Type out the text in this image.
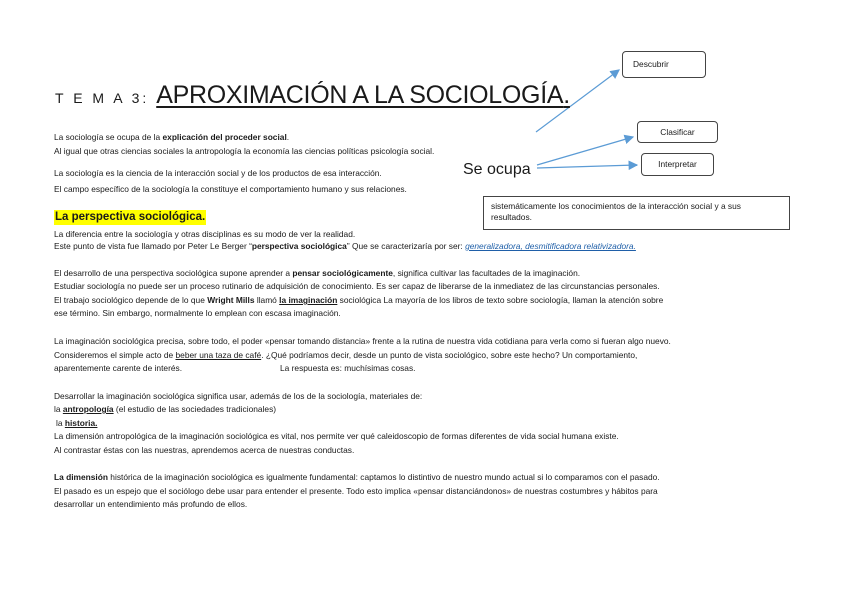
Descubrir
Clasificar
Interpretar
sistemáticamente los conocimientos de la interacción social y a sus resultados.
Se ocupa
T E M A 3: APROXIMACIÓN A LA SOCIOLOGÍA.
La sociología se ocupa de la explicación del proceder social.
Al igual que otras ciencias sociales la antropología la economía las ciencias políticas psicología social.
La sociología es la ciencia de la interacción social y de los productos de esa interacción.
El campo específico de la sociología la constituye el comportamiento humano y sus relaciones.
La perspectiva sociológica.
La diferencia entre la sociología y otras disciplinas es su modo de ver la realidad.
Este punto de vista fue llamado por Peter Le Berger “perspectiva sociológica” Que se caracterizaría por ser: generalizadora, desmitificadora relativizadora.
El desarrollo de una perspectiva sociológica supone aprender a pensar sociológicamente, significa cultivar las facultades de la imaginación.
Estudiar sociología no puede ser un proceso rutinario de adquisición de conocimiento. Es ser capaz de liberarse de la inmediatez de las circunstancias personales.
El trabajo sociológico depende de lo que Wright Mills llamó la imaginación sociológica La mayoría de los libros de texto sobre sociología, llaman la atención sobre
ese término. Sin embargo, normalmente lo emplean con escasa imaginación.
La imaginación sociológica precisa, sobre todo, el poder «pensar tomando distancia» frente a la rutina de nuestra vida cotidiana para verla como si fueran algo nuevo.
Consideremos el simple acto de beber una taza de café. ¿Qué podríamos decir, desde un punto de vista sociológico, sobre este hecho? Un comportamiento,
aparentemente carente de interés.	La respuesta es: muchísimas cosas.
Desarrollar la imaginación sociológica significa usar, además de los de la sociología, materiales de:
la antropología (el estudio de las sociedades tradicionales)
la historia.
La dimensión antropológica de la imaginación sociológica es vital, nos permite ver qué caleidoscopio de formas diferentes de vida social humana existe.
Al contrastar éstas con las nuestras, aprendemos acerca de nuestras conductas.
La dimensión histórica de la imaginación sociológica es igualmente fundamental: captamos lo distintivo de nuestro mundo actual si lo comparamos con el pasado.
El pasado es un espejo que el sociólogo debe usar para entender el presente. Todo esto implica «pensar distanciándonos» de nuestras costumbres y hábitos para
desarrollar un entendimiento más profundo de ellos.
